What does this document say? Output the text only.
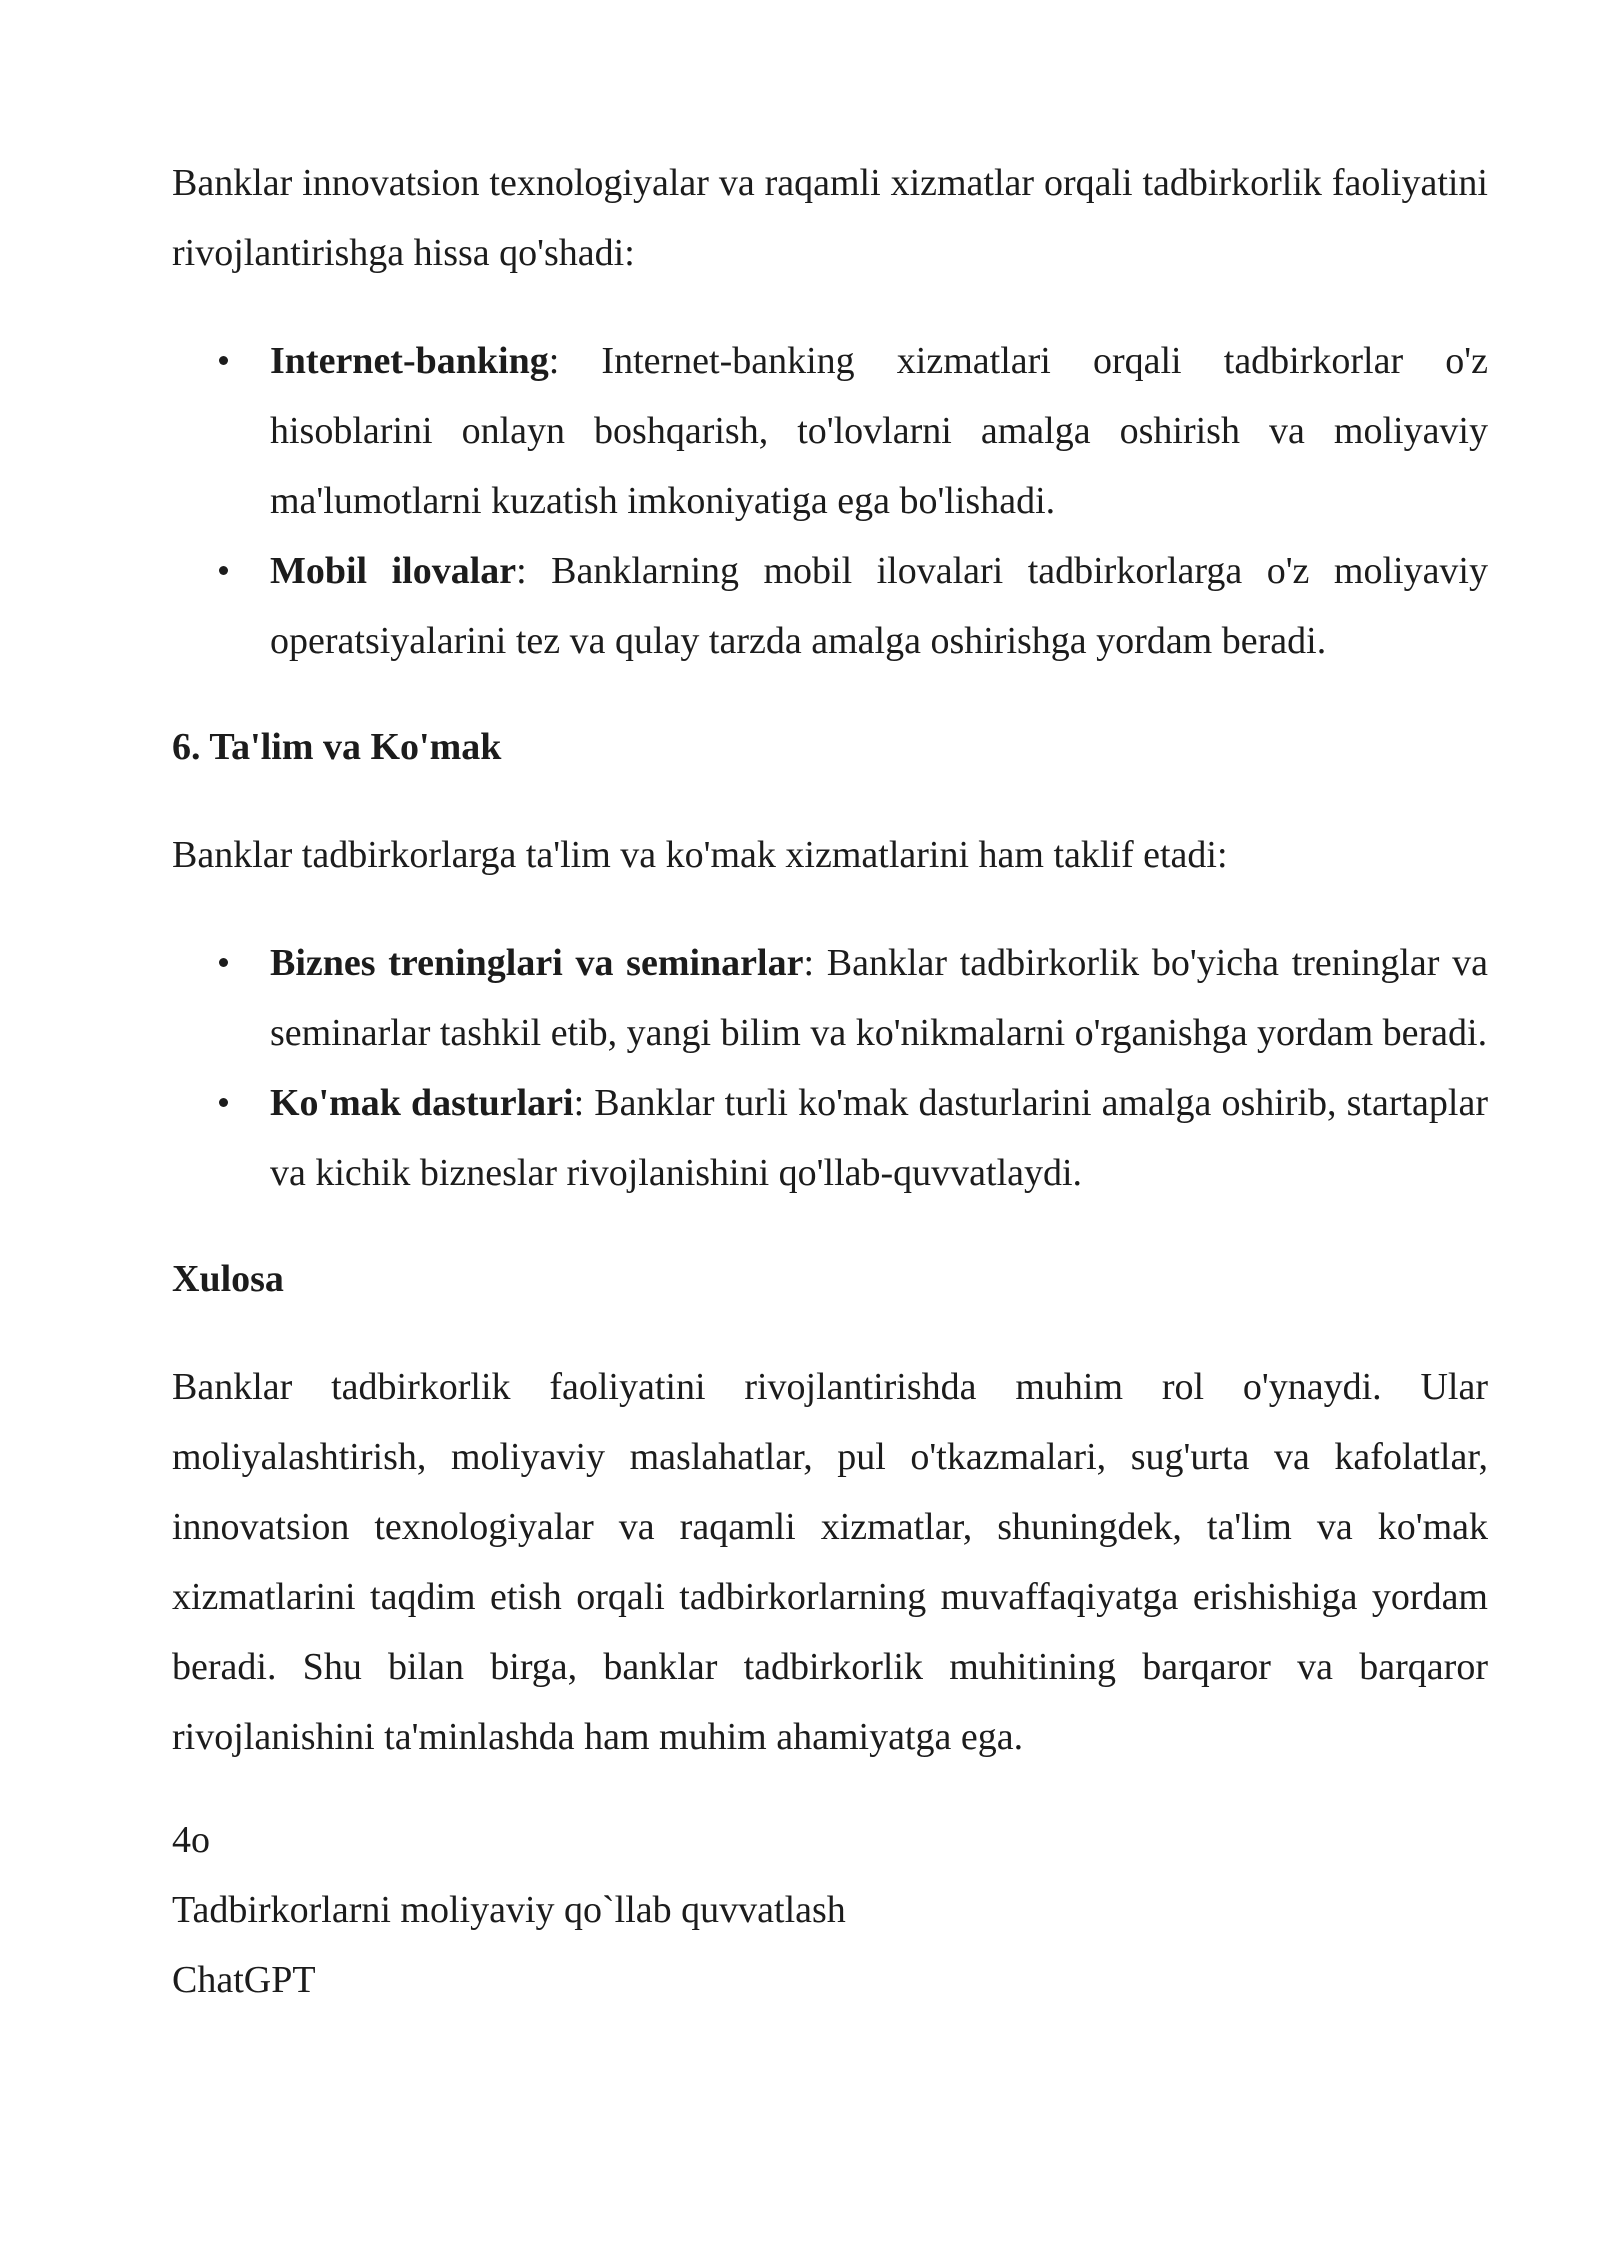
Banklar innovatsion texnologiyalar va raqamli xizmatlar orqali tadbirkorlik faoliyatini rivojlantirishga hissa qo'shadi:

Internet-banking: Internet-banking xizmatlari orqali tadbirkorlar o'z hisoblarini onlayn boshqarish, to'lovlarni amalga oshirish va moliyaviy ma'lumotlarni kuzatish imkoniyatiga ega bo'lishadi.
Mobil ilovalar: Banklarning mobil ilovalari tadbirkorlarga o'z moliyaviy operatsiyalarini tez va qulay tarzda amalga oshirishga yordam beradi.
6. Ta'lim va Ko'mak

Banklar tadbirkorlarga ta'lim va ko'mak xizmatlarini ham taklif etadi:

Biznes treninglari va seminarlar: Banklar tadbirkorlik bo'yicha treninglar va seminarlar tashkil etib, yangi bilim va ko'nikmalarni o'rganishga yordam beradi.
Ko'mak dasturlari: Banklar turli ko'mak dasturlarini amalga oshirib, startaplar va kichik bizneslar rivojlanishini qo'llab-quvvatlaydi.
Xulosa

Banklar tadbirkorlik faoliyatini rivojlantirishda muhim rol o'ynaydi. Ular moliyalashtirish, moliyaviy maslahatlar, pul o'tkazmalari, sug'urta va kafolatlar, innovatsion texnologiyalar va raqamli xizmatlar, shuningdek, ta'lim va ko'mak xizmatlarini taqdim etish orqali tadbirkorlarning muvaffaqiyatga erishishiga yordam beradi. Shu bilan birga, banklar tadbirkorlik muhitining barqaror va barqaror rivojlanishini ta'minlashda ham muhim ahamiyatga ega.

4o

Tadbirkorlarni moliyaviy qo`llab quvvatlash

ChatGPT
